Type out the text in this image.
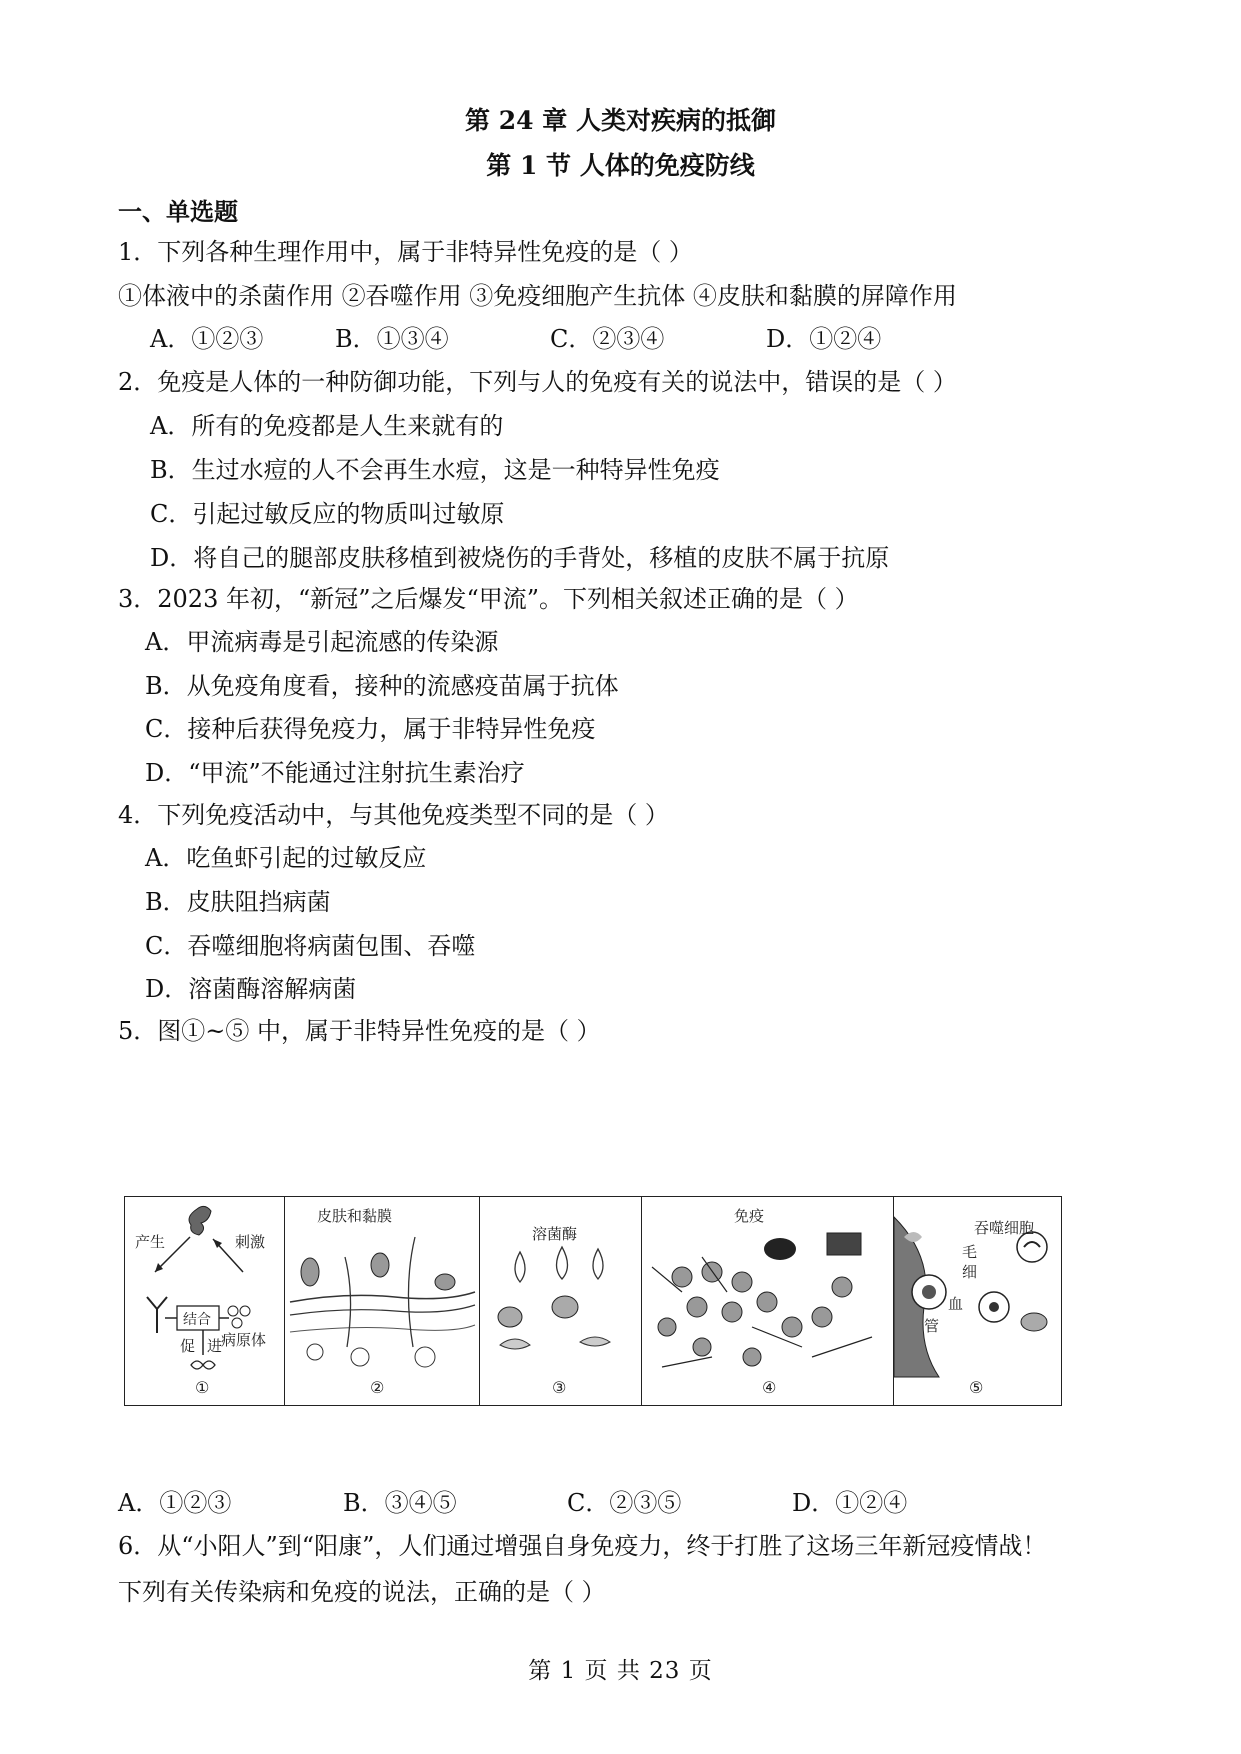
第 24 章 人类对疾病的抵御
第 1 节 人体的免疫防线
一、单选题
1．下列各种生理作用中，属于非特异性免疫的是（ ）
①体液中的杀菌作用 ②吞噬作用 ③免疫细胞产生抗体 ④皮肤和黏膜的屏障作用
A．①②③	B．①③④	C．②③④	D．①②④
2．免疫是人体的一种防御功能，下列与人的免疫有关的说法中，错误的是（ ）
A．所有的免疫都是人生来就有的
B．生过水痘的人不会再生水痘，这是一种特异性免疫
C．引起过敏反应的物质叫过敏原
D．将自己的腿部皮肤移植到被烧伤的手背处，移植的皮肤不属于抗原
3．2023 年初，“新冠”之后爆发“甲流”。下列相关叙述正确的是（ ）
A．甲流病毒是引起流感的传染源
B．从免疫角度看，接种的流感疫苗属于抗体
C．接种后获得免疫力，属于非特异性免疫
D．“甲流”不能通过注射抗生素治疗
4．下列免疫活动中，与其他免疫类型不同的是（ ）
A．吃鱼虾引起的过敏反应
B．皮肤阻挡病菌
C．吞噬细胞将病菌包围、吞噬
D．溶菌酶溶解病菌
5．图①~⑤ 中，属于非特异性免疫的是（ ）
产生	刺激
结合
促 进
病原体
①
皮肤和黏膜
②
溶菌酶
③
免疫
④
吞噬细胞
毛
细
血
管
⑤
A．①②③	B．③④⑤	C．②③⑤	D．①②④
6．从“小阳人”到“阳康”，人们通过增强自身免疫力，终于打胜了这场三年新冠疫情战！
下列有关传染病和免疫的说法，正确的是（ ）
第 1 页 共 23 页
